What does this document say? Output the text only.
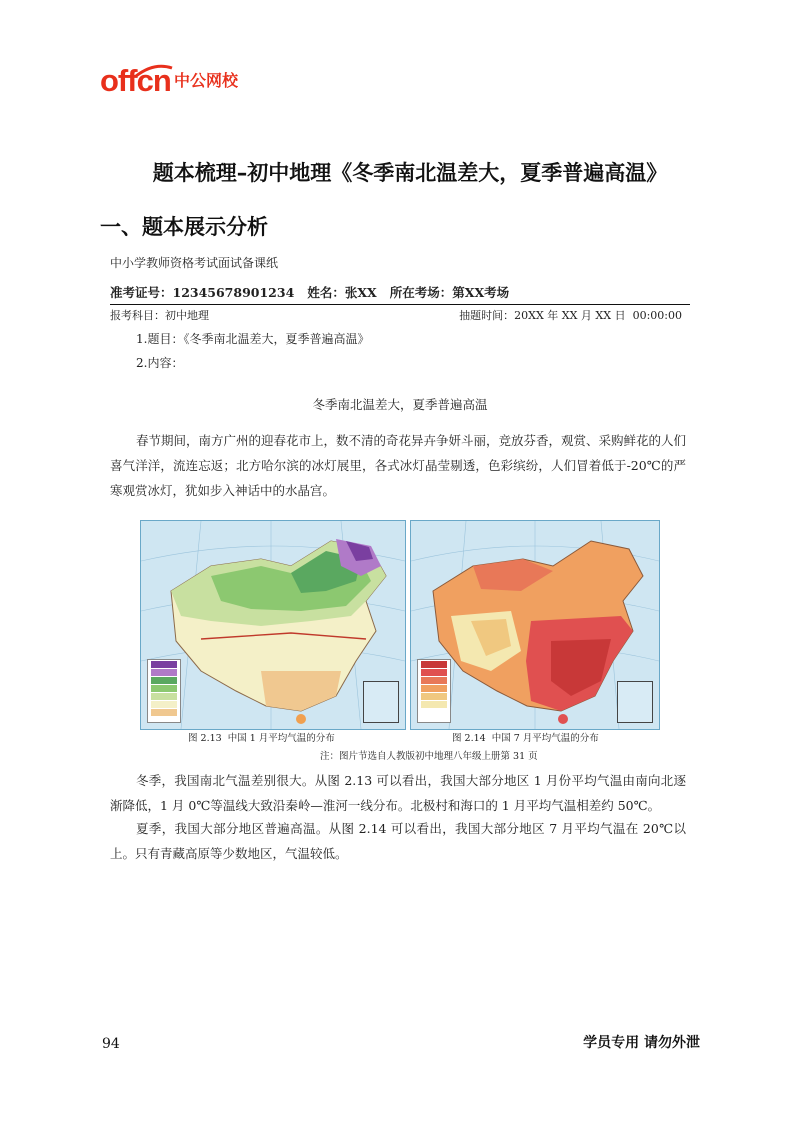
offcn 中公网校
题本梳理–初中地理《冬季南北温差大，夏季普遍高温》
一、题本展示分析
中小学教师资格考试面试备课纸
准考证号：12345678901234   姓名：张XX   所在考场：第XX考场
报考科目：初中地理	抽题时间：20XX 年 XX 月 XX 日  00:00:00
1.题目：《冬季南北温差大，夏季普遍高温》
2.内容：
冬季南北温差大，夏季普遍高温
春节期间，南方广州的迎春花市上，数不清的奇花异卉争妍斗丽，竞放芬香，观赏、采购鲜花的人们喜气洋洋，流连忘返；北方哈尔滨的冰灯展里，各式冰灯晶莹剔透，色彩缤纷，人们冒着低于-20℃的严寒观赏冰灯，犹如步入神话中的水晶宫。
冬季，我国南北气温差别很大。从图 2.13 可以看出，我国大部分地区 1 月份平均气温由南向北逐渐降低，1 月 0℃等温线大致沿秦岭—淮河一线分布。北极村和海口的 1 月平均气温相差约 50℃。
夏季，我国大部分地区普遍高温。从图 2.14 可以看出，我国大部分地区 7 月平均气温在 20℃以上。只有青藏高原等少数地区，气温较低。
图 2.13  中国 1 月平均气温的分布	图 2.14  中国 7 月平均气温的分布
注：图片节选自人教版初中地理八年级上册第 31 页
94	学员专用 请勿外泄
